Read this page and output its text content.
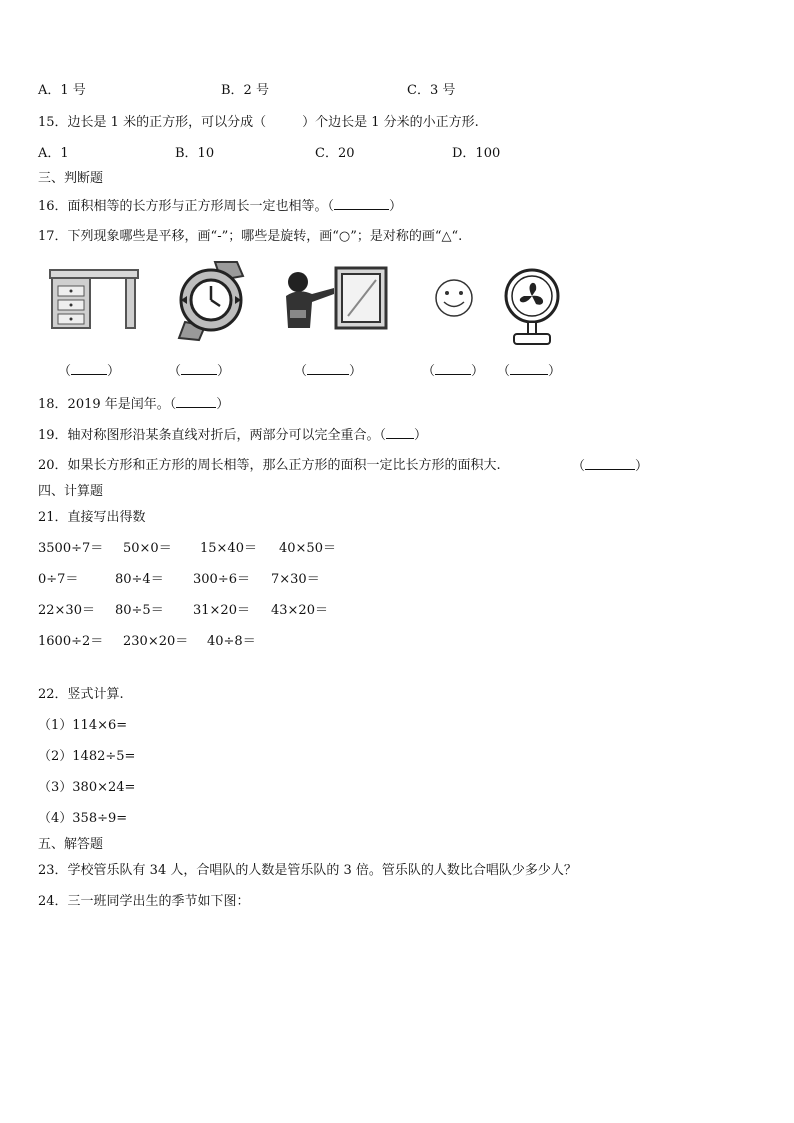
A．1 号	B．2 号	C．3 号
15．边长是 1 米的正方形，可以分成（	）个边长是 1 分米的小正方形.
A．1	B．10	C．20	D．100
三、判断题
16．面积相等的长方形与正方形周长一定也相等。（	）
17．下列现象哪些是平移，画“-”；哪些是旋转，画“○”；是对称的画“△“.
（	）	（	）	（	）	（	） （	）
18．2019 年是闰年。（	）
19．轴对称图形沿某条直线对折后，两部分可以完全重合。（ ）
20．如果长方形和正方形的周长相等，那么正方形的面积一定比长方形的面积大.	（	）
四、计算题
21．直接写出得数
3500÷7＝ 50×0＝ 15×40＝ 40×50＝
0÷7＝	80÷4＝ 300÷6＝ 7×30＝
22×30＝ 80÷5＝ 31×20＝ 43×20＝
1600÷2＝ 230×20＝ 40÷8＝
22．竖式计算.
（1）114×6=
（2）1482÷5=
（3）380×24=
（4）358÷9=
五、解答题
23．学校管乐队有 34 人，合唱队的人数是管乐队的 3 倍。管乐队的人数比合唱队少多少人？
24．三一班同学出生的季节如下图：
